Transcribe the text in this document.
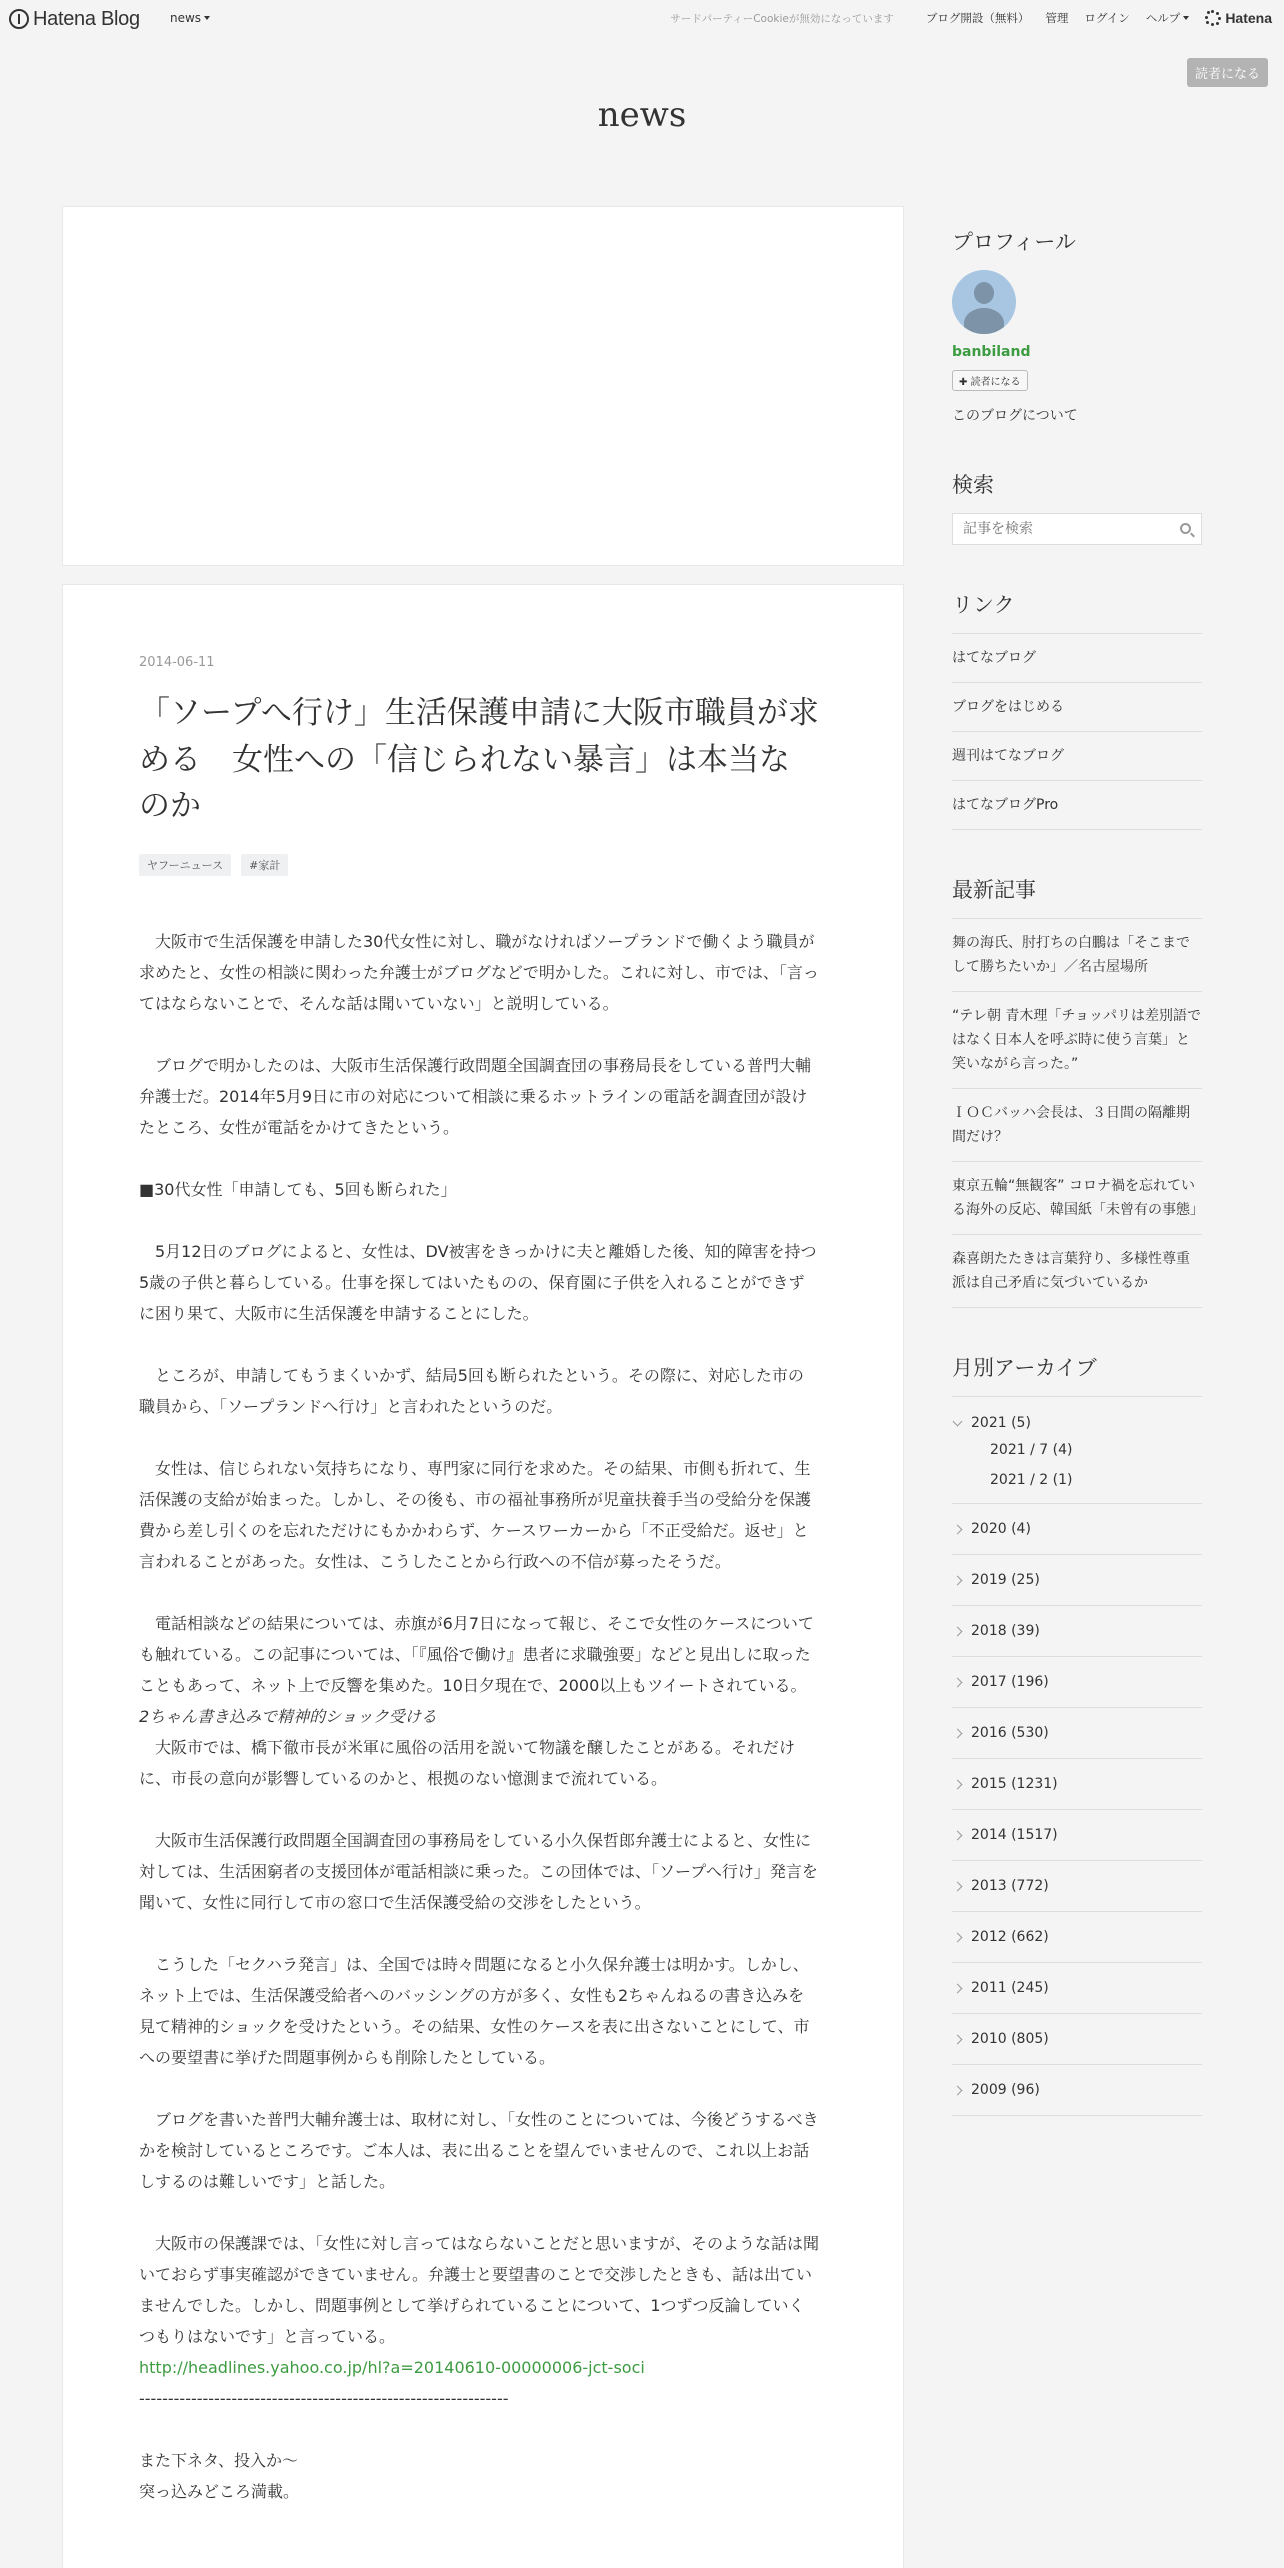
Hatena Blog	news	サードパーティーCookieが無効になっています	ブログ開設（無料） 管理 ログイン ヘルプ	Hatena
読者になる
news
2014-06-11
「ソープへ行け」生活保護申請に大阪市職員が求める　女性への「信じられない暴言」は本当なのか
ヤフーニュース	#家計

　大阪市で生活保護を申請した30代女性に対し、職がなければソープランドで働くよう職員が求めたと、女性の相談に関わった弁護士がブログなどで明かした。これに対し、市では、「言ってはならないことで、そんな話は聞いていない」と説明している。

　ブログで明かしたのは、大阪市生活保護行政問題全国調査団の事務局長をしている普門大輔弁護士だ。2014年5月9日に市の対応について相談に乗るホットラインの電話を調査団が設けたところ、女性が電話をかけてきたという。

■30代女性「申請しても、5回も断られた」

　5月12日のブログによると、女性は、DV被害をきっかけに夫と離婚した後、知的障害を持つ5歳の子供と暮らしている。仕事を探してはいたものの、保育園に子供を入れることができずに困り果て、大阪市に生活保護を申請することにした。

　ところが、申請してもうまくいかず、結局5回も断られたという。その際に、対応した市の職員から、「ソープランドへ行け」と言われたというのだ。

　女性は、信じられない気持ちになり、専門家に同行を求めた。その結果、市側も折れて、生活保護の支給が始まった。しかし、その後も、市の福祉事務所が児童扶養手当の受給分を保護費から差し引くのを忘れただけにもかかわらず、ケースワーカーから「不正受給だ。返せ」と言われることがあった。女性は、こうしたことから行政への不信が募ったそうだ。

　電話相談などの結果については、赤旗が6月7日になって報じ、そこで女性のケースについても触れている。この記事については、「『風俗で働け』患者に求職強要」などと見出しに取ったこともあって、ネット上で反響を集めた。10日夕現在で、2000以上もツイートされている。

2ちゃん書き込みで精神的ショック受ける

　大阪市では、橋下徹市長が米軍に風俗の活用を説いて物議を醸したことがある。それだけに、市長の意向が影響しているのかと、根拠のない憶測まで流れている。

　大阪市生活保護行政問題全国調査団の事務局をしている小久保哲郎弁護士によると、女性に対しては、生活困窮者の支援団体が電話相談に乗った。この団体では、「ソープへ行け」発言を聞いて、女性に同行して市の窓口で生活保護受給の交渉をしたという。

　こうした「セクハラ発言」は、全国では時々問題になると小久保弁護士は明かす。しかし、ネット上では、生活保護受給者へのバッシングの方が多く、女性も2ちゃんねるの書き込みを見て精神的ショックを受けたという。その結果、女性のケースを表に出さないことにして、市への要望書に挙げた問題事例からも削除したとしている。

　ブログを書いた普門大輔弁護士は、取材に対し、「女性のことについては、今後どうするべきかを検討しているところです。ご本人は、表に出ることを望んでいませんので、これ以上お話しするのは難しいです」と話した。

　大阪市の保護課では、「女性に対し言ってはならないことだと思いますが、そのような話は聞いておらず事実確認ができていません。弁護士と要望書のことで交渉したときも、話は出ていませんでした。しかし、問題事例として挙げられていることについて、1つずつ反論していくつもりはないです」と言っている。

http://headlines.yahoo.co.jp/hl?a=20140610-00000006-jct-soci

----------------------------------------------------------------

また下ネタ、投入か～

突っ込みどころ満載。

プロフィール
banbiland
✚ 読者になる
このブログについて
検索
記事を検索
リンク
はてなブログ
ブログをはじめる
週刊はてなブログ
はてなブログPro
最新記事
舞の海氏、肘打ちの白鵬は「そこまでして勝ちたいか」／名古屋場所
“テレ朝 青木理「チョッパリは差別語ではなく日本人を呼ぶ時に使う言葉」と笑いながら言った。”
ＩＯＣバッハ会長は、３日間の隔離期間だけ？
東京五輪“無観客” コロナ禍を忘れている海外の反応、韓国紙「未曾有の事態」
森喜朗たたきは言葉狩り、多様性尊重派は自己矛盾に気づいているか
月別アーカイブ
2021 (5)
2021 / 7 (4)
2021 / 2 (1)
2020 (4)
2019 (25)
2018 (39)
2017 (196)
2016 (530)
2015 (1231)
2014 (1517)
2013 (772)
2012 (662)
2011 (245)
2010 (805)
2009 (96)
